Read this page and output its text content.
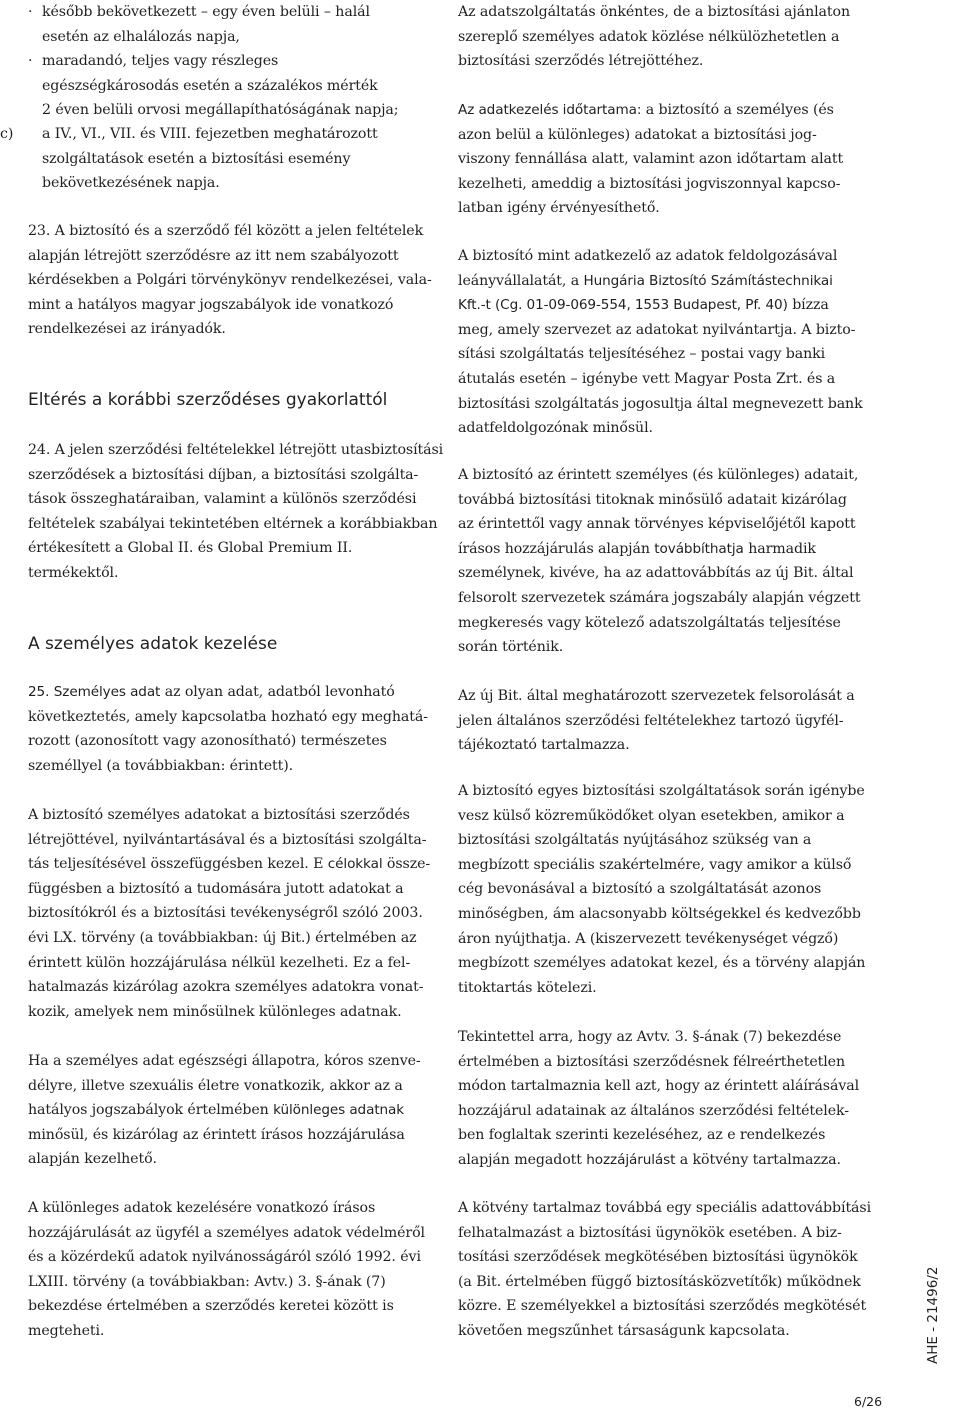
· később bekövetkezett – egy éven belüli – halál
esetén az elhalálozás napja,
· maradandó, teljes vagy részleges
egészségkárosodás esetén a százalékos mérték
2 éven belüli orvosi megállapíthatóságának napja;
c) a IV., VI., VII. és VIII. fejezetben meghatározott
szolgáltatások esetén a biztosítási esemény
bekövetkezésének napja.
23. A biztosító és a szerződő fél között a jelen feltételek
alapján létrejött szerződésre az itt nem szabályozott
kérdésekben a Polgári törvénykönyv rendelkezései, vala-
mint a hatályos magyar jogszabályok ide vonatkozó
rendelkezései az irányadók.
Eltérés a korábbi szerződéses gyakorlattól
24. A jelen szerződési feltételekkel létrejött utasbiztosítási
szerződések a biztosítási díjban, a biztosítási szolgálta-
tások összeghatáraiban, valamint a különös szerződési
feltételek szabályai tekintetében eltérnek a korábbiakban
értékesített a Global II. és Global Premium II.
termékektől.
A személyes adatok kezelése
25. Személyes adat az olyan adat, adatból levonható
következtetés, amely kapcsolatba hozható egy meghatá-
rozott (azonosított vagy azonosítható) természetes
személlyel (a továbbiakban: érintett).
A biztosító személyes adatokat a biztosítási szerződés
létrejöttével, nyilvántartásával és a biztosítási szolgálta-
tás teljesítésével összefüggésben kezel. E célokkal össze-
függésben a biztosító a tudomására jutott adatokat a
biztosítókról és a biztosítási tevékenységről szóló 2003.
évi LX. törvény (a továbbiakban: új Bit.) értelmében az
érintett külön hozzájárulása nélkül kezelheti. Ez a fel-
hatalmazás kizárólag azokra személyes adatokra vonat-
kozik, amelyek nem minősülnek különleges adatnak.
Ha a személyes adat egészségi állapotra, kóros szenve-
délyre, illetve szexuális életre vonatkozik, akkor az a
hatályos jogszabályok értelmében különleges adatnak
minősül, és kizárólag az érintett írásos hozzájárulása
alapján kezelhető.
A különleges adatok kezelésére vonatkozó írásos
hozzájárulását az ügyfél a személyes adatok védelméről
és a közérdekű adatok nyilvánosságáról szóló 1992. évi
LXIII. törvény (a továbbiakban: Avtv.) 3. §-ának (7)
bekezdése értelmében a szerződés keretei között is
megteheti.
Az adatszolgáltatás önkéntes, de a biztosítási ajánlaton
szereplő személyes adatok közlése nélkülözhetetlen a
biztosítási szerződés létrejöttéhez.
Az adatkezelés időtartama: a biztosító a személyes (és
azon belül a különleges) adatokat a biztosítási jog-
viszony fennállása alatt, valamint azon időtartam alatt
kezelheti, ameddig a biztosítási jogviszonnyal kapcso-
latban igény érvényesíthető.
A biztosító mint adatkezelő az adatok feldolgozásával
leányvállalatát, a Hungária Biztosító Számítástechnikai
Kft.-t (Cg. 01-09-069-554, 1553 Budapest, Pf. 40) bízza
meg, amely szervezet az adatokat nyilvántartja. A bizto-
sítási szolgáltatás teljesítéséhez – postai vagy banki
átutalás esetén – igénybe vett Magyar Posta Zrt. és a
biztosítási szolgáltatás jogosultja által megnevezett bank
adatfeldolgozónak minősül.
A biztosító az érintett személyes (és különleges) adatait,
továbbá biztosítási titoknak minősülő adatait kizárólag
az érintettől vagy annak törvényes képviselőjétől kapott
írásos hozzájárulás alapján továbbíthatja harmadik
személynek, kivéve, ha az adattovábbítás az új Bit. által
felsorolt szervezetek számára jogszabály alapján végzett
megkeresés vagy kötelező adatszolgáltatás teljesítése
során történik.
Az új Bit. által meghatározott szervezetek felsorolását a
jelen általános szerződési feltételekhez tartozó ügyfél-
tájékoztató tartalmazza.
A biztosító egyes biztosítási szolgáltatások során igénybe
vesz külső közreműködőket olyan esetekben, amikor a
biztosítási szolgáltatás nyújtásához szükség van a
megbízott speciális szakértelmére, vagy amikor a külső
cég bevonásával a biztosító a szolgáltatását azonos
minőségben, ám alacsonyabb költségekkel és kedvezőbb
áron nyújthatja. A (kiszervezett tevékenységet végző)
megbízott személyes adatokat kezel, és a törvény alapján
titoktartás kötelezi.
Tekintettel arra, hogy az Avtv. 3. §-ának (7) bekezdése
értelmében a biztosítási szerződésnek félreérthetetlen
módon tartalmaznia kell azt, hogy az érintett aláírásával
hozzájárul adatainak az általános szerződési feltételek-
ben foglaltak szerinti kezeléséhez, az e rendelkezés
alapján megadott hozzájárulást a kötvény tartalmazza.
A kötvény tartalmaz továbbá egy speciális adattovábbítási
felhatalmazást a biztosítási ügynökök esetében. A biz-
tosítási szerződések megkötésében biztosítási ügynökök
(a Bit. értelmében függő biztosításközvetítők) működnek
közre. E személyekkel a biztosítási szerződés megkötését
követően megszűnhet társaságunk kapcsolata.	AHE - 21496/2
6/26
